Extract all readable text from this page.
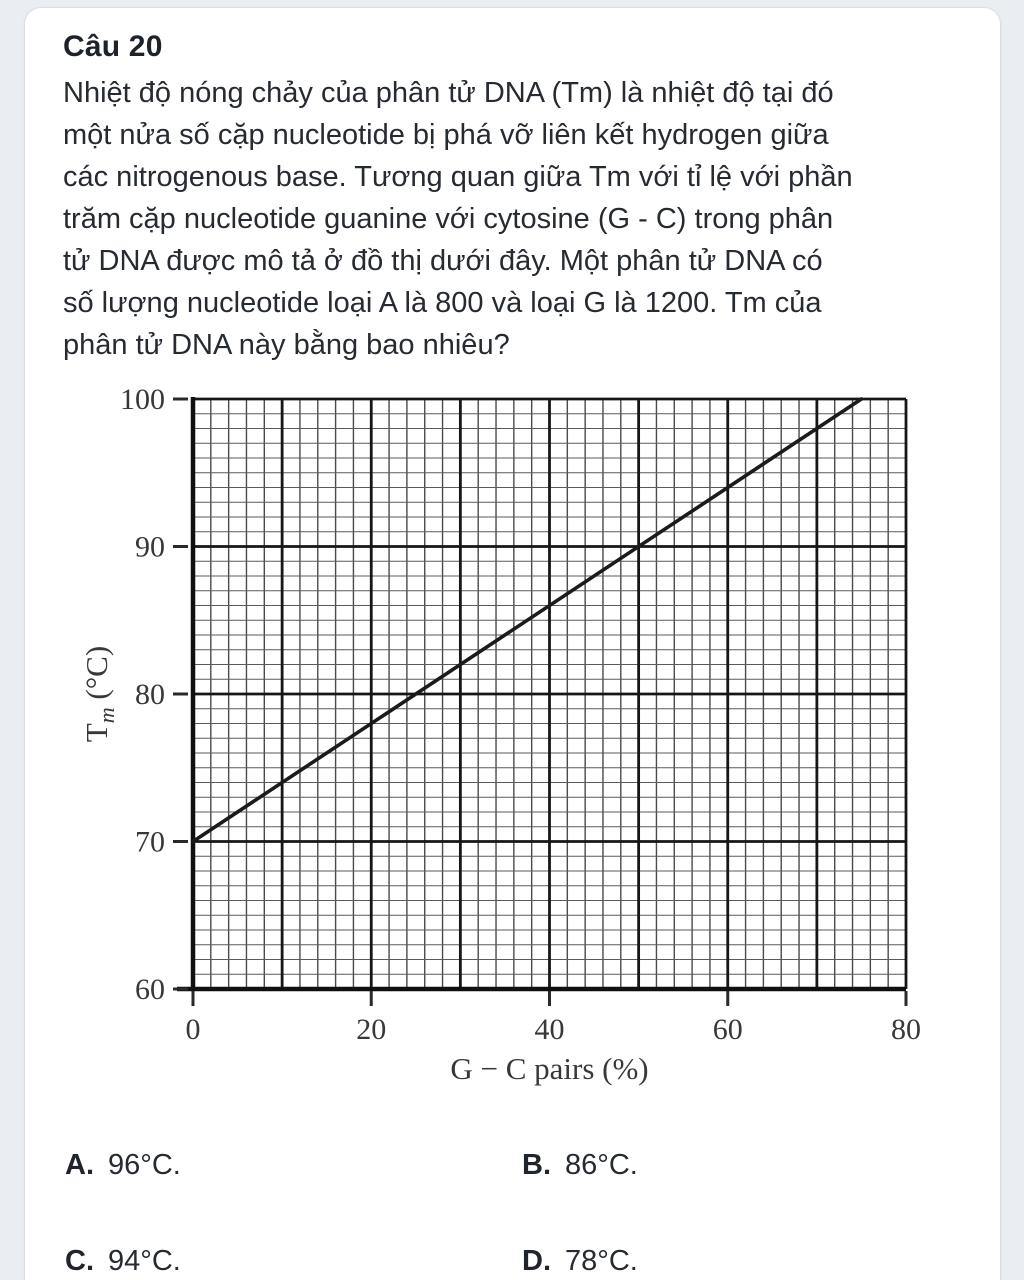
Câu 20
Nhiệt độ nóng chảy của phân tử DNA (Tm) là nhiệt độ tại đó
một nửa số cặp nucleotide bị phá vỡ liên kết hydrogen giữa
các nitrogenous base. Tương quan giữa Tm với tỉ lệ với phần
trăm cặp nucleotide guanine với cytosine (G - C) trong phân
tử DNA được mô tả ở đồ thị dưới đây. Một phân tử DNA có
số lượng nucleotide loại A là 800 và loại G là 1200. Tm của
phân tử DNA này bằng bao nhiêu?
60
70
80
90
100
0	20	40	60	80
G − C pairs (%)
$T_m$ (°C)
A. 96°C.	B. 86°C.
C. 94°C.	D. 78°C.
